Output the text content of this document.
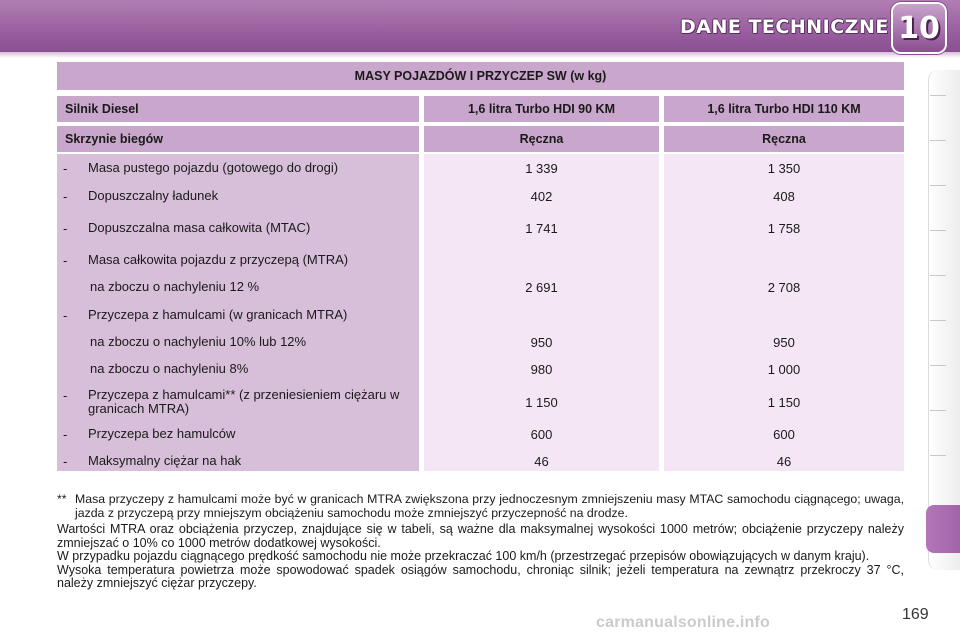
DANE TECHNICZNE 10
MASY POJAZDÓW I PRZYCZEP SW (w kg)
Silnik Diesel	1,6 litra Turbo HDI 90 KM	1,6 litra Turbo HDI 110 KM
Skrzynie biegów	Ręczna	Ręczna
- Masa pustego pojazdu (gotowego do drogi)	1 339	1 350
- Dopuszczalny ładunek	402	408
- Dopuszczalna masa całkowita (MTAC)	1 741	1 758
- Masa całkowita pojazdu z przyczepą (MTRA)
na zboczu o nachyleniu 12 %	2 691	2 708
- Przyczepa z hamulcami (w granicach MTRA)
na zboczu o nachyleniu 10% lub 12%	950	950
na zboczu o nachyleniu 8%	980	1 000
- Przyczepa z hamulcami** (z przeniesieniem ciężaru w granicach MTRA)	1 150	1 150
- Przyczepa bez hamulców	600	600
- Maksymalny ciężar na hak	46	46
** Masa przyczepy z hamulcami może być w granicach MTRA zwiększona przy jednoczesnym zmniejszeniu masy MTAC samochodu ciągnącego; uwaga, jazda z przyczepą przy mniejszym obciążeniu samochodu może zmniejszyć przyczepność na drodze.

Wartości MTRA oraz obciążenia przyczep, znajdujące się w tabeli, są ważne dla maksymalnej wysokości 1000 metrów; obciążenie przyczepy należy zmniejszać o 10% co 1000 metrów dodatkowej wysokości.

W przypadku pojazdu ciągnącego prędkość samochodu nie może przekraczać 100 km/h (przestrzegać przepisów obowiązujących w danym kraju).

Wysoka temperatura powietrza może spowodować spadek osiągów samochodu, chroniąc silnik; jeżeli temperatura na zewnątrz przekroczy 37 °C, należy zmniejszyć ciężar przyczepy.

carmanualsonline.info	169
